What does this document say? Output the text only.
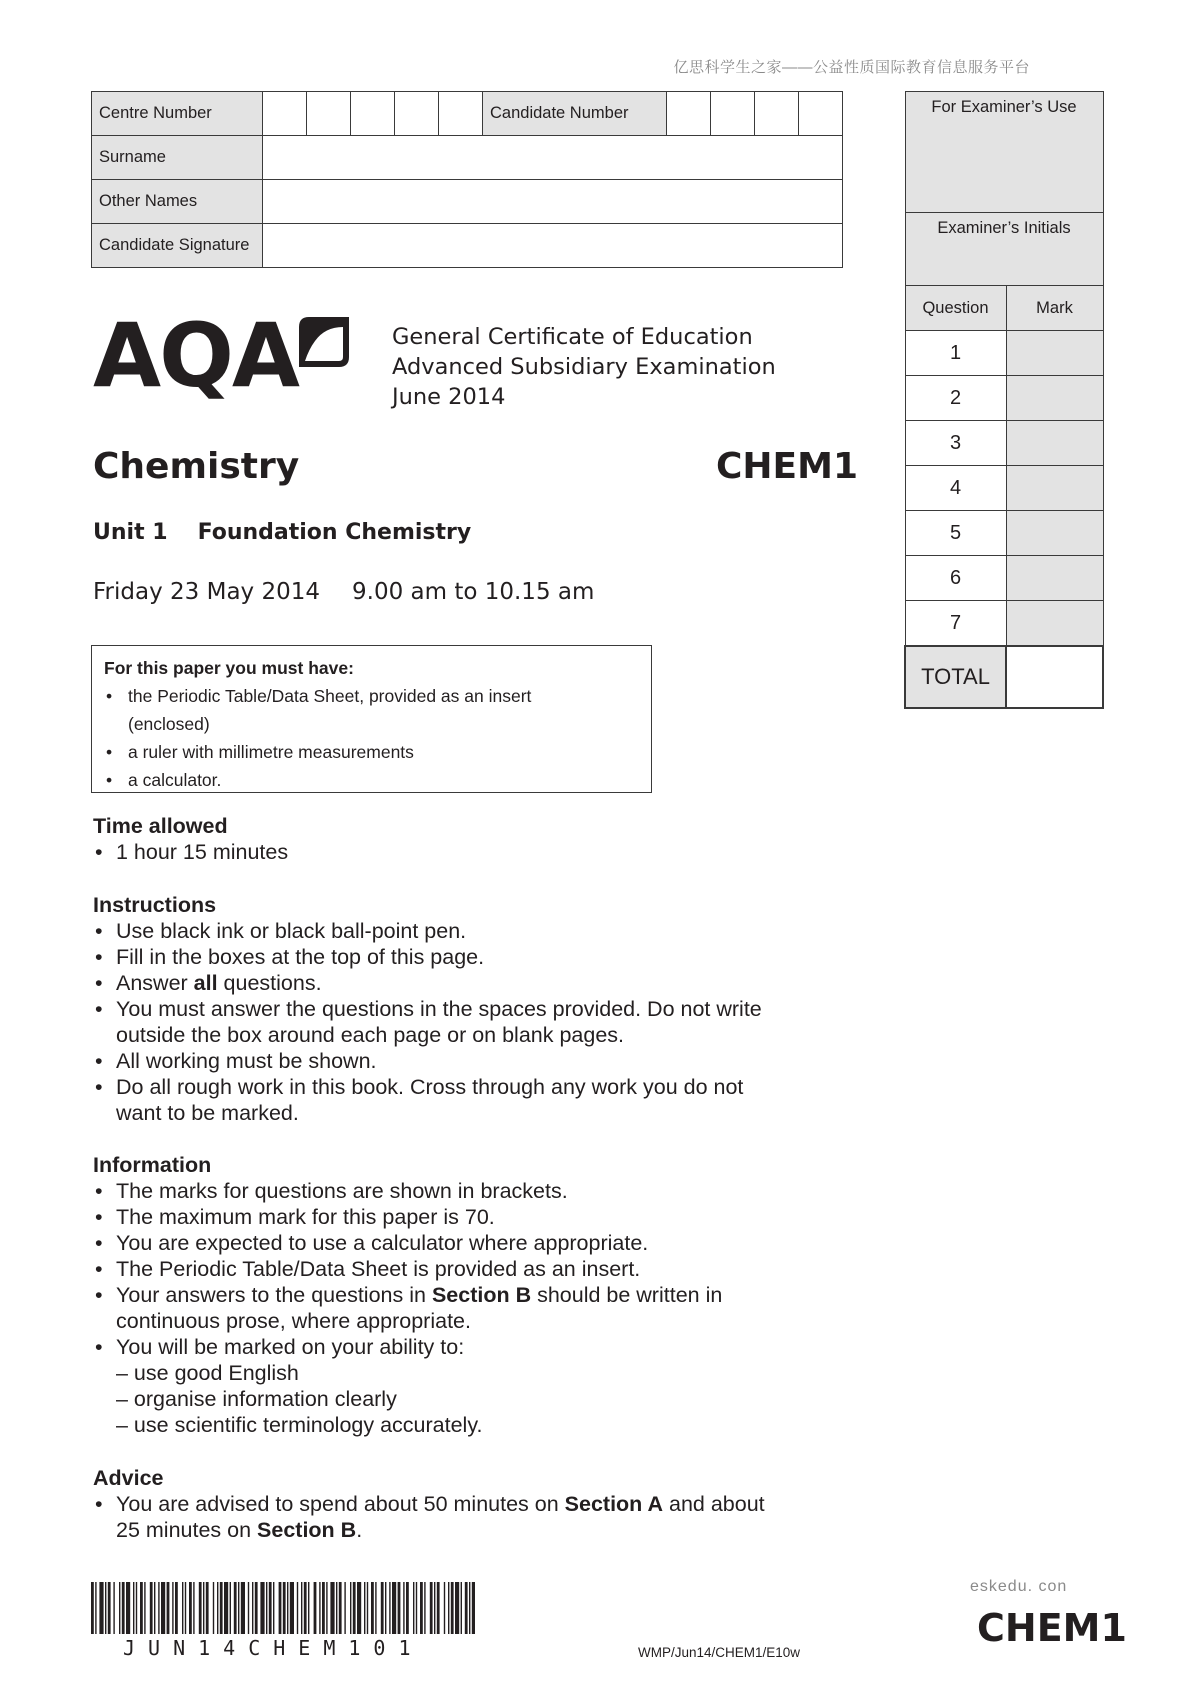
亿思科学生之家——公益性质国际教育信息服务平台
Centre Number						Candidate Number				
Surname										
Other Names										
Candidate Signature										
For Examiner’s Use	
Examiner’s Initials	
Question	Mark
1	
2	
3	
4	
5	
6	
7	
TOTAL	
AQA	General Certificate of Education
Advanced Subsidiary Examination
June 2014
Chemistry	CHEM1
Unit 1 Foundation Chemistry
Friday 23 May 2014 9.00 am to 10.15 am
For this paper you must have:
• the Periodic Table/Data Sheet, provided as an insert
(enclosed)
• a ruler with millimetre measurements
• a calculator.
Time allowed
• 1 hour 15 minutes
Instructions
• Use black ink or black ball-point pen.
• Fill in the boxes at the top of this page.
• Answer all questions.
• You must answer the questions in the spaces provided. Do not write
outside the box around each page or on blank pages.
• All working must be shown.
• Do all rough work in this book. Cross through any work you do not
want to be marked.
Information
• The marks for questions are shown in brackets.
• The maximum mark for this paper is 70.
• You are expected to use a calculator where appropriate.
• The Periodic Table/Data Sheet is provided as an insert.
• Your answers to the questions in Section B should be written in
continuous prose, where appropriate.
• You will be marked on your ability to:
– use good English
– organise information clearly
– use scientific terminology accurately.
Advice
• You are advised to spend about 50 minutes on Section A and about
25 minutes on Section B.
JUN14CHEM101	WMP/Jun14/CHEM1/E10w
eskedu. con
CHEM1
